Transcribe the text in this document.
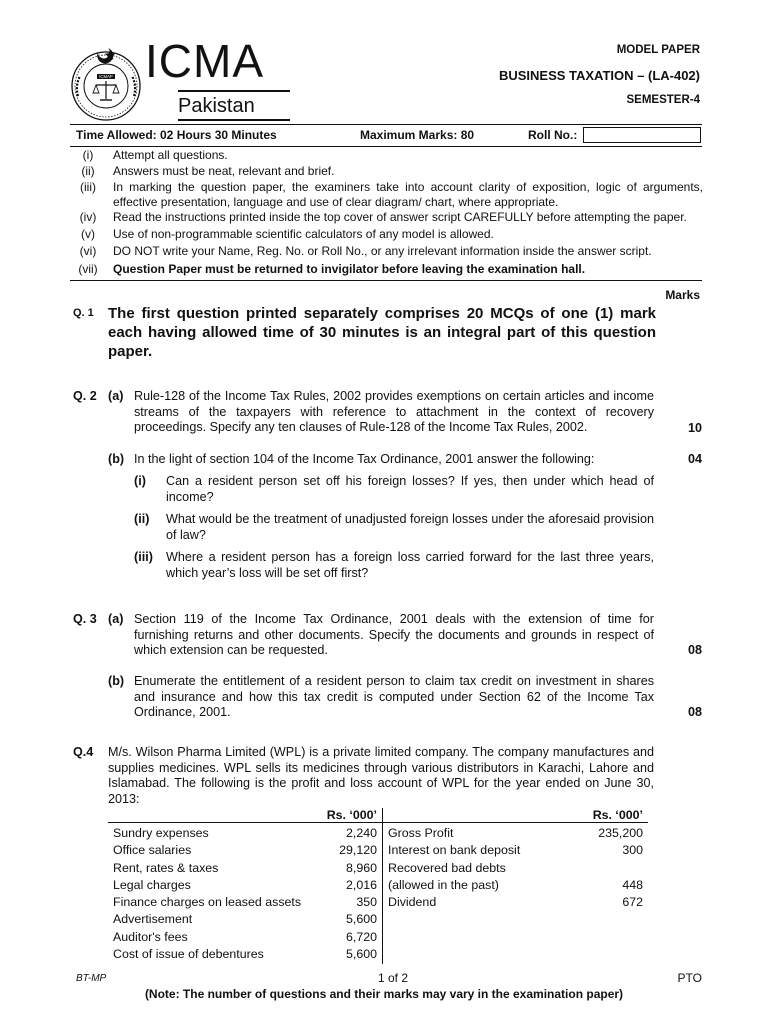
ICMAP ICMA
Pakistan
MODEL PAPER
BUSINESS TAXATION – (LA-402)
SEMESTER-4
Time Allowed: 02 Hours 30 Minutes	Maximum Marks: 80	Roll No.:
(i)	Attempt all questions.
(ii)	Answers must be neat, relevant and brief.
(iii)	In marking the question paper, the examiners take into account clarity of exposition, logic of arguments, effective presentation, language and use of clear diagram/ chart, where appropriate.
(iv)	Read the instructions printed inside the top cover of answer script CAREFULLY before attempting the paper.
(v)	Use of non-programmable scientific calculators of any model is allowed.
(vi)	DO NOT write your Name, Reg. No. or Roll No., or any irrelevant information inside the answer script.
(vii)	Question Paper must be returned to invigilator before leaving the examination hall.
Marks
Q. 1 The first question printed separately comprises 20 MCQs of one (1) mark each having allowed time of 30 minutes is an integral part of this question paper.
Q. 2 (a) Rule-128 of the Income Tax Rules, 2002 provides exemptions on certain articles and income streams of the taxpayers with reference to attachment in the context of recovery proceedings. Specify any ten clauses of Rule-128 of the Income Tax Rules, 2002.	10
(b) In the light of section 104 of the Income Tax Ordinance, 2001 answer the following:	04
(i) Can a resident person set off his foreign losses? If yes, then under which head of income?
(ii) What would be the treatment of unadjusted foreign losses under the aforesaid provision of law?
(iii) Where a resident person has a foreign loss carried forward for the last three years, which year’s loss will be set off first?
Q. 3 (a) Section 119 of the Income Tax Ordinance, 2001 deals with the extension of time for furnishing returns and other documents. Specify the documents and grounds in respect of which extension can be requested.	08
(b) Enumerate the entitlement of a resident person to claim tax credit on investment in shares and insurance and how this tax credit is computed under Section 62 of the Income Tax Ordinance, 2001.	08
Q.4 M/s. Wilson Pharma Limited (WPL) is a private limited company. The company manufactures and supplies medicines. WPL sells its medicines through various distributors in Karachi, Lahore and Islamabad. The following is the profit and loss account of WPL for the year ended on June 30, 2013:
	Rs. ‘000’		Rs. ‘000’
Sundry expenses	2,240	Gross Profit	235,200
Office salaries	29,120	Interest on bank deposit	300
Rent, rates & taxes	8,960	Recovered bad debts	
Legal charges	2,016	(allowed in the past)	448
Finance charges on leased assets	350	Dividend	672
Advertisement	5,600		
Auditor's fees	6,720		
Cost of issue of debentures	5,600		
BT-MP	1 of 2	PTO
(Note: The number of questions and their marks may vary in the examination paper)
